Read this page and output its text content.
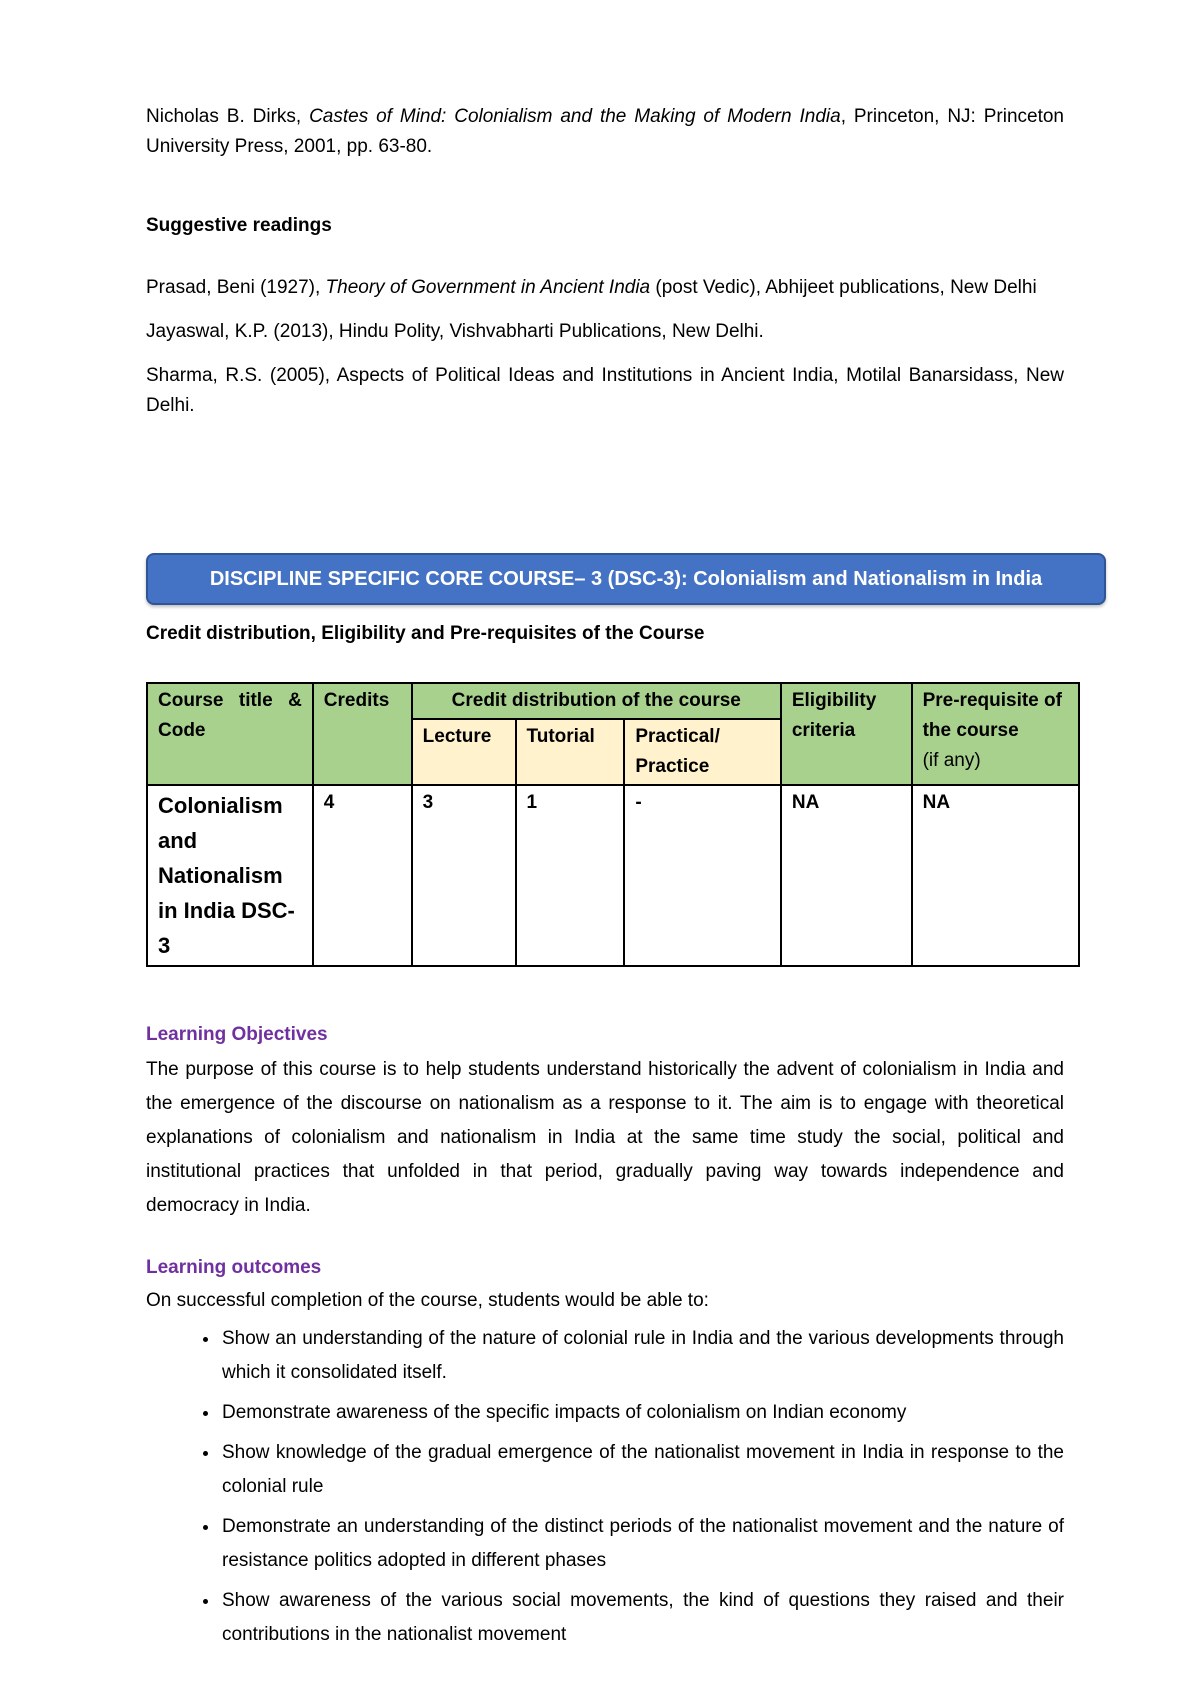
Nicholas B. Dirks, Castes of Mind: Colonialism and the Making of Modern India, Princeton, NJ: Princeton University Press, 2001, pp. 63-80.
Suggestive readings

Prasad, Beni (1927), Theory of Government in Ancient India (post Vedic), Abhijeet publications, New Delhi

Jayaswal, K.P. (2013), Hindu Polity, Vishvabharti Publications, New Delhi.

Sharma, R.S. (2005), Aspects of Political Ideas and Institutions in Ancient India, Motilal Banarsidass, New Delhi.

DISCIPLINE SPECIFIC CORE COURSE– 3 (DSC-3): Colonialism and Nationalism in India
Credit distribution, Eligibility and Pre-requisites of the Course
Course title & Code	Credits	Credit distribution of the course			Eligibility criteria	Pre-requisite of the course
(if any)
		Lecture	Tutorial	Practical/ Practice		
Colonialism and Nationalism in India DSC-3	4	3	1	-	NA	NA
Learning Objectives
The purpose of this course is to help students understand historically the advent of colonialism in India and the emergence of the discourse on nationalism as a response to it. The aim is to engage with theoretical explanations of colonialism and nationalism in India at the same time study the social, political and institutional practices that unfolded in that period, gradually paving way towards independence and democracy in India.
Learning outcomes
On successful completion of the course, students would be able to:
• Show an understanding of the nature of colonial rule in India and the various developments through which it consolidated itself.
• Demonstrate awareness of the specific impacts of colonialism on Indian economy
• Show knowledge of the gradual emergence of the nationalist movement in India in response to the colonial rule
• Demonstrate an understanding of the distinct periods of the nationalist movement and the nature of resistance politics adopted in different phases
• Show awareness of the various social movements, the kind of questions they raised and their contributions in the nationalist movement
